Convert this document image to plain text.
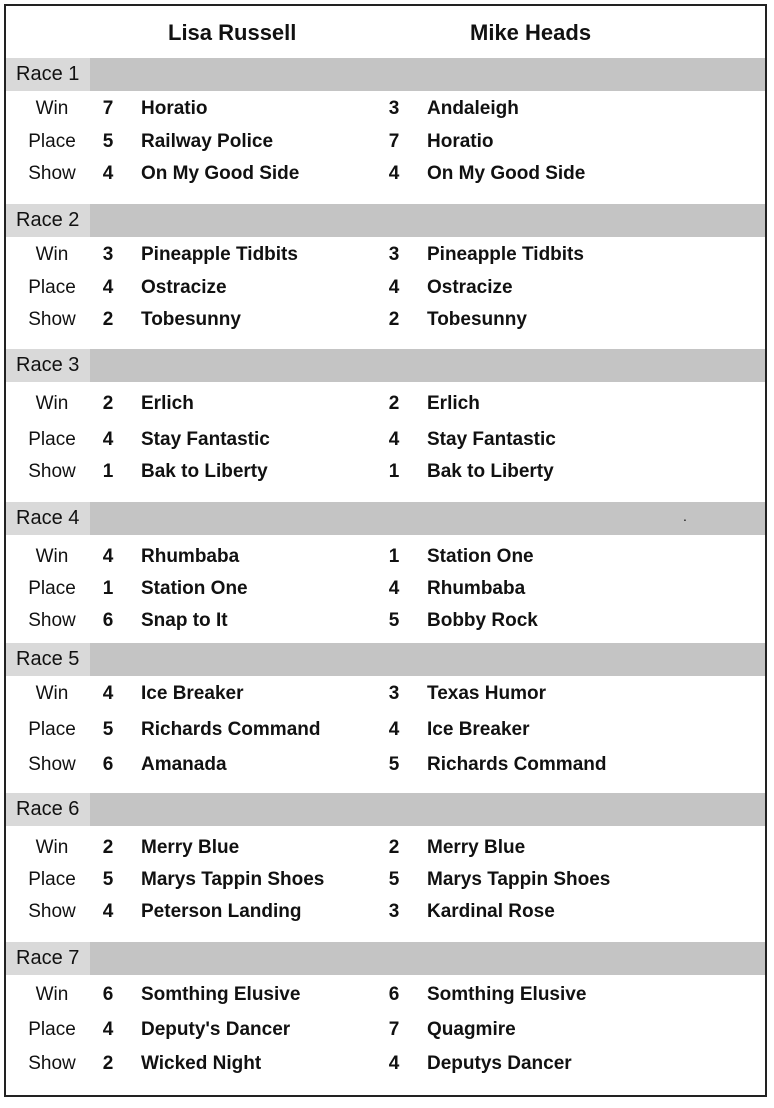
Lisa Russell	Mike Heads
Race 1
Win	7 Horatio	3 Andaleigh
Place	5 Railway Police	7 Horatio
Show	4 On My Good Side	4 On My Good Side
Race 2
Win	3 Pineapple Tidbits	3 Pineapple Tidbits
Place	4 Ostracize	4 Ostracize
Show	2 Tobesunny	2 Tobesunny
Race 3
Win	2 Erlich	2 Erlich
Place	4 Stay Fantastic	4 Stay Fantastic
Show	1 Bak to Liberty	1 Bak to Liberty
Race 4	.
Win	4 Rhumbaba	1 Station One
Place	1 Station One	4 Rhumbaba
Show	6 Snap to It	5 Bobby Rock
Race 5
Win	4 Ice Breaker	3 Texas Humor
Place	5 Richards Command	4 Ice Breaker
Show	6 Amanada	5 Richards Command
Race 6
Win	2 Merry Blue	2 Merry Blue
Place	5 Marys Tappin Shoes	5 Marys Tappin Shoes
Show	4 Peterson Landing	3 Kardinal Rose
Race 7
Win	6 Somthing Elusive	6 Somthing Elusive
Place	4 Deputy's Dancer	7 Quagmire
Show	2 Wicked Night	4 Deputys Dancer
